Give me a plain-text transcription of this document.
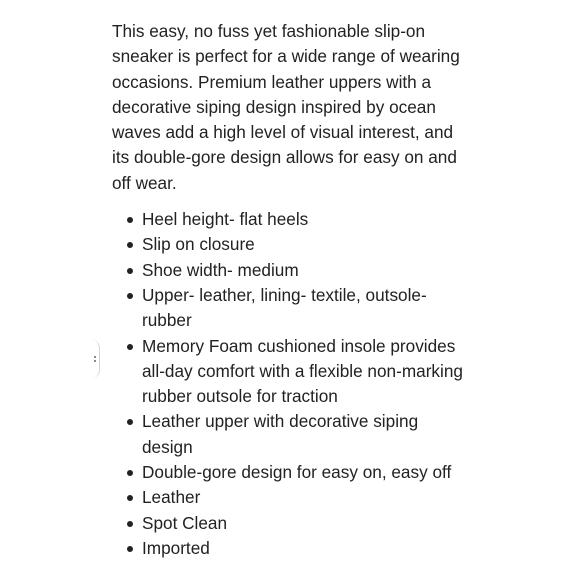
This easy, no fuss yet fashionable slip-on sneaker is perfect for a wide range of wearing occasions. Premium leather uppers with a decorative siping design inspired by ocean waves add a high level of visual interest, and its double-gore design allows for easy on and off wear.

Heel height- flat heels
Slip on closure
Shoe width- medium
Upper- leather, lining- textile, outsole- rubber
Memory Foam cushioned insole provides all-day comfort with a flexible non-marking rubber outsole for traction
Leather upper with decorative siping design
Double-gore design for easy on, easy off
Leather
Spot Clean
Imported
